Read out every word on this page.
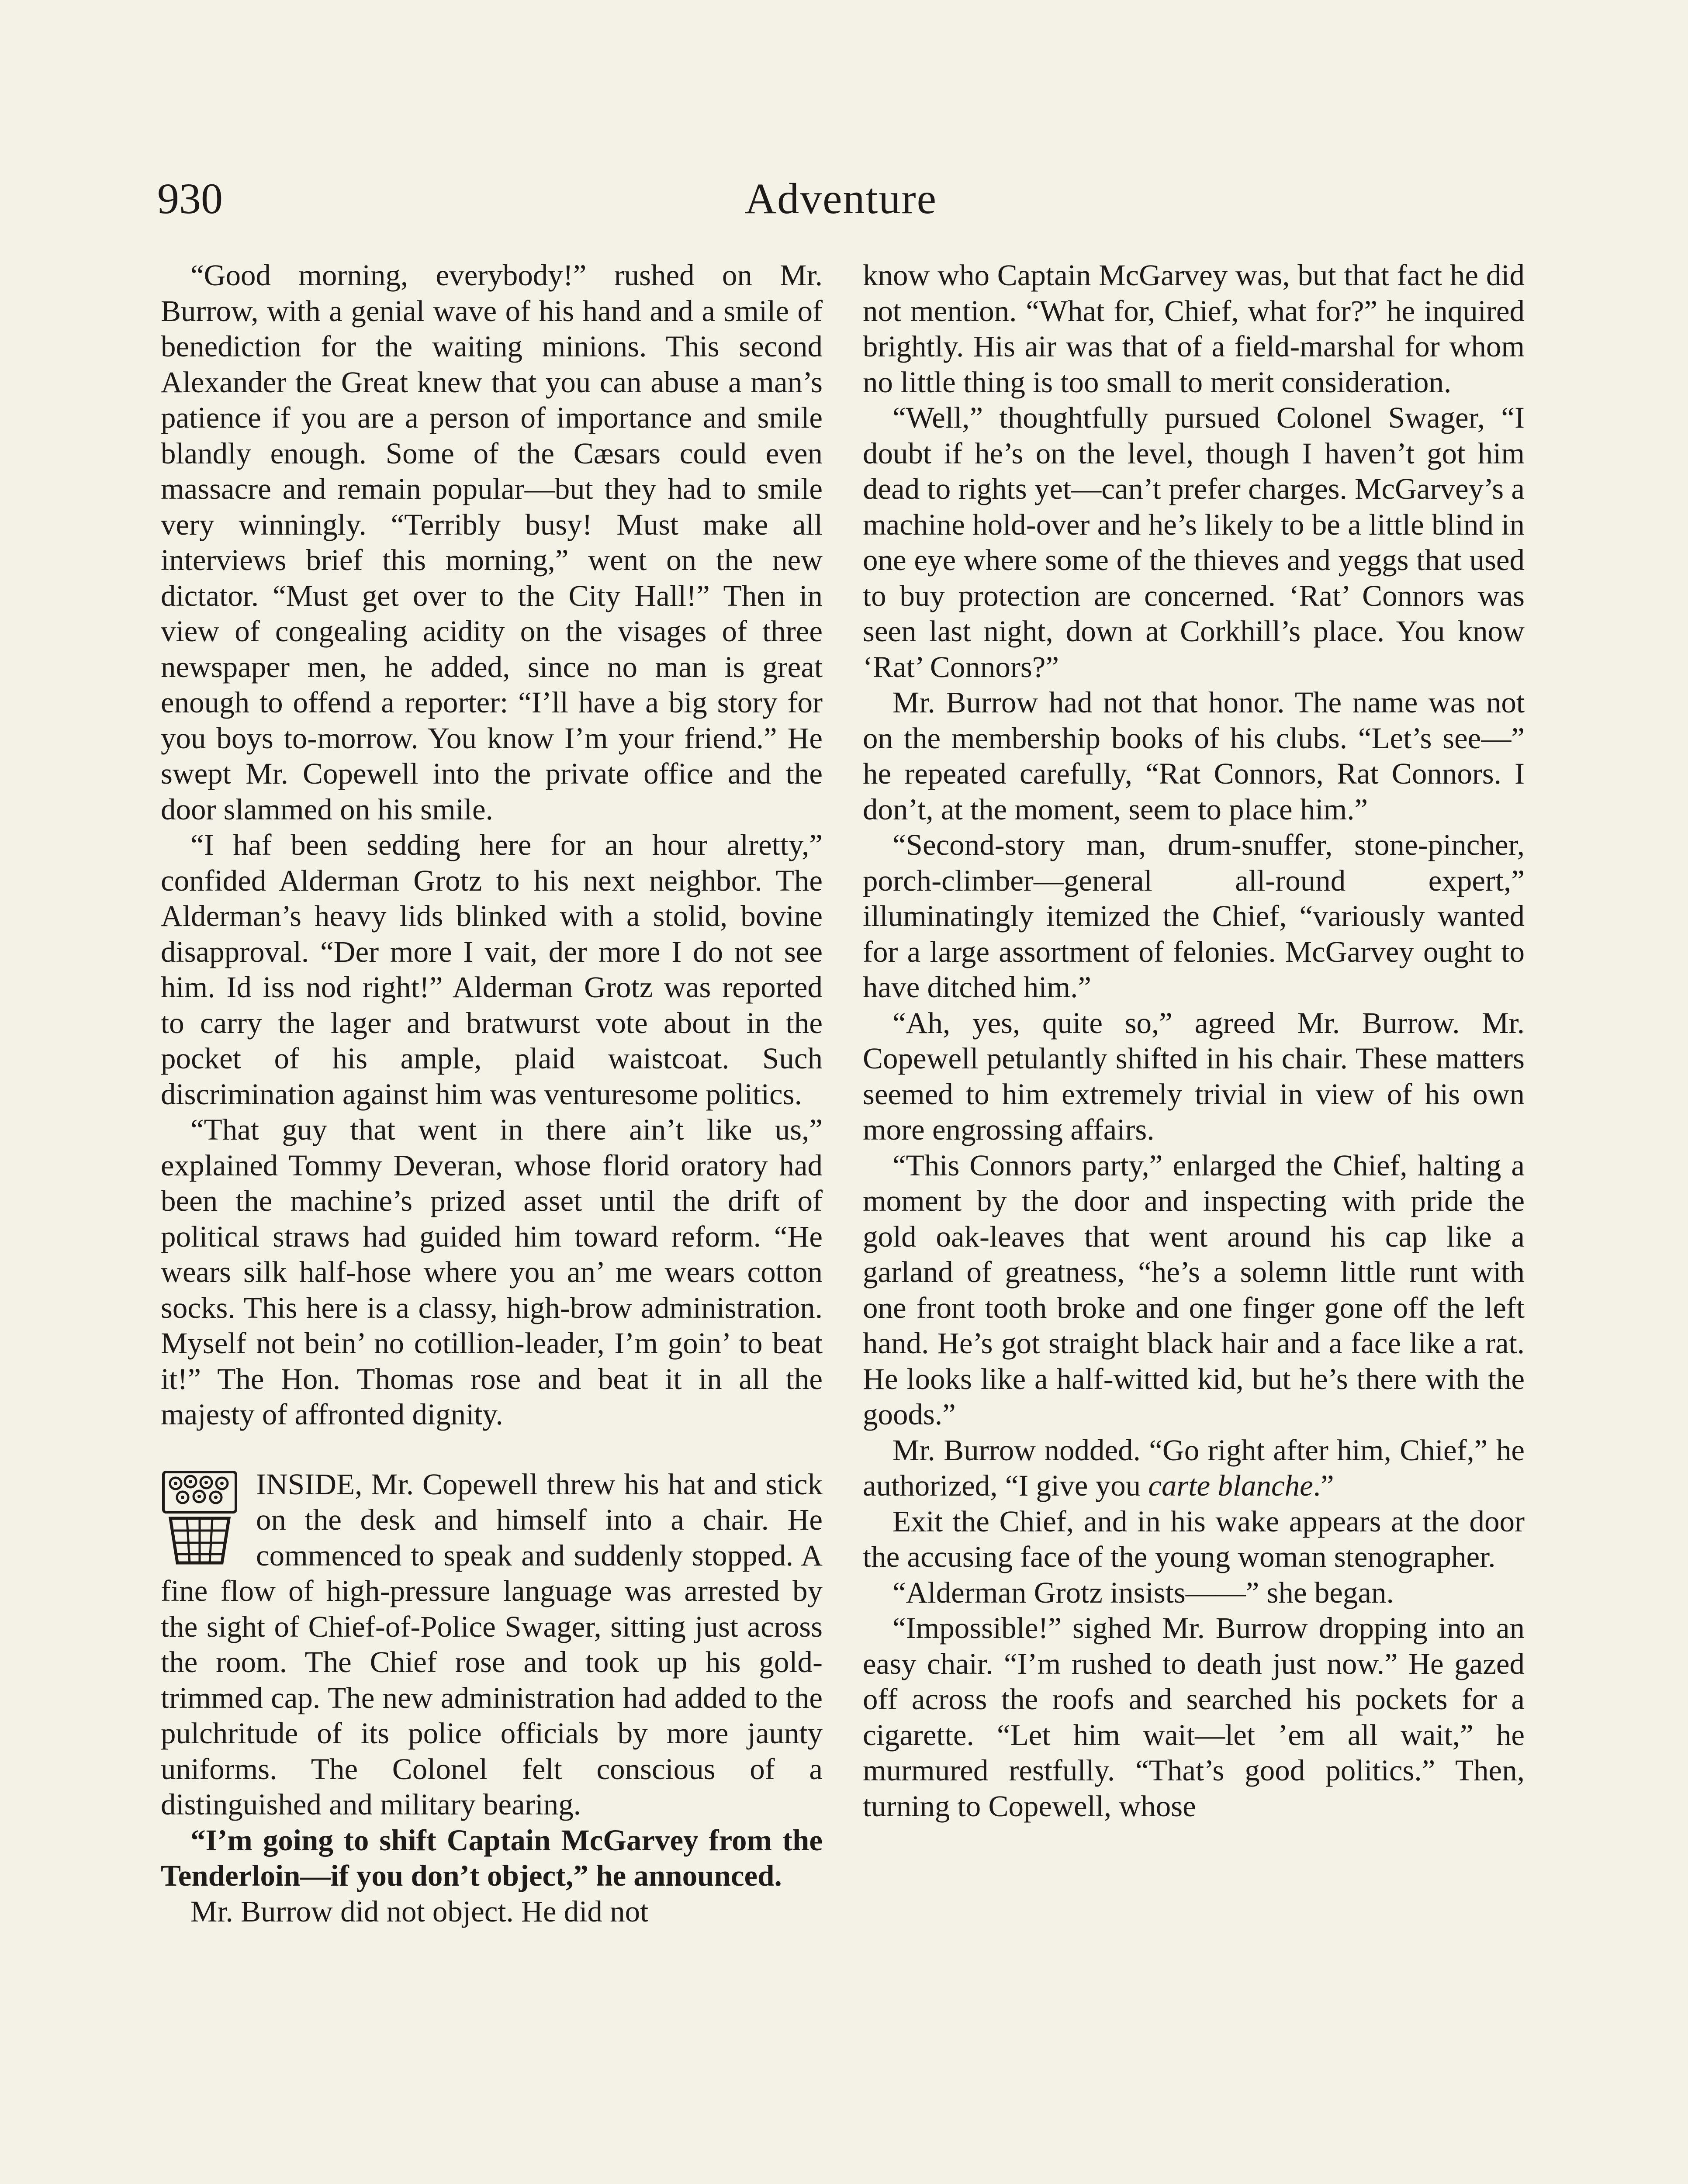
930	Adventure

“Good morning, everybody!” rushed on Mr. Burrow, with a genial wave of his hand and a smile of benediction for the waiting minions. This second Alexander the Great knew that you can abuse a man’s patience if you are a person of importance and smile blandly enough. Some of the Cæsars could even massacre and remain popular—but they had to smile very winningly. “Terribly busy! Must make all interviews brief this morning,” went on the new dictator. “Must get over to the City Hall!” Then in view of congealing acidity on the visages of three newspaper men, he added, since no man is great enough to offend a reporter: “I’ll have a big story for you boys to-morrow. You know I’m your friend.” He swept Mr. Copewell into the private office and the door slammed on his smile.

“I haf been sedding here for an hour alretty,” confided Alderman Grotz to his next neighbor. The Alderman’s heavy lids blinked with a stolid, bovine disapproval. “Der more I vait, der more I do not see him. Id iss nod right!” Alderman Grotz was reported to carry the lager and bratwurst vote about in the pocket of his ample, plaid waistcoat. Such discrimination against him was venturesome politics.

“That guy that went in there ain’t like us,” explained Tommy Deveran, whose florid oratory had been the machine’s prized asset until the drift of political straws had guided him toward reform. “He wears silk half-hose where you an’ me wears cotton socks. This here is a classy, high-brow administration. Myself not bein’ no cotillion-leader, I’m goin’ to beat it!” The Hon. Thomas rose and beat it in all the majesty of affronted dignity.

INSIDE, Mr. Copewell threw his hat and stick on the desk and himself into a chair. He commenced to speak and suddenly stopped. A fine flow of high-pressure language was arrested by the sight of Chief-of-Police Swager, sitting just across the room. The Chief rose and took up his gold-trimmed cap. The new administration had added to the pulchritude of its police officials by more jaunty uniforms. The Colonel felt conscious of a distinguished and military bearing.

“I’m going to shift Captain McGarvey from the Tenderloin—if you don’t object,” he announced.

Mr. Burrow did not object. He did not

know who Captain McGarvey was, but that fact he did not mention. “What for, Chief, what for?” he inquired brightly. His air was that of a field-marshal for whom no little thing is too small to merit consideration.

“Well,” thoughtfully pursued Colonel Swager, “I doubt if he’s on the level, though I haven’t got him dead to rights yet—can’t prefer charges. McGarvey’s a machine hold-over and he’s likely to be a little blind in one eye where some of the thieves and yeggs that used to buy protection are concerned. ‘Rat’ Connors was seen last night, down at Corkhill’s place. You know ‘Rat’ Connors?”

Mr. Burrow had not that honor. The name was not on the membership books of his clubs. “Let’s see—” he repeated carefully, “Rat Connors, Rat Connors. I don’t, at the moment, seem to place him.”

“Second-story man, drum-snuffer, stone-pincher, porch-climber—general all-round expert,” illuminatingly itemized the Chief, “variously wanted for a large assortment of felonies. McGarvey ought to have ditched him.”

“Ah, yes, quite so,” agreed Mr. Burrow. Mr. Copewell petulantly shifted in his chair. These matters seemed to him extremely trivial in view of his own more engrossing affairs.

“This Connors party,” enlarged the Chief, halting a moment by the door and inspecting with pride the gold oak-leaves that went around his cap like a garland of greatness, “he’s a solemn little runt with one front tooth broke and one finger gone off the left hand. He’s got straight black hair and a face like a rat. He looks like a half-witted kid, but he’s there with the goods.”

Mr. Burrow nodded. “Go right after him, Chief,” he authorized, “I give you carte blanche.”

Exit the Chief, and in his wake appears at the door the accusing face of the young woman stenographer.

“Alderman Grotz insists——” she began.

“Impossible!” sighed Mr. Burrow dropping into an easy chair. “I’m rushed to death just now.” He gazed off across the roofs and searched his pockets for a cigarette. “Let him wait—let ’em all wait,” he murmured restfully. “That’s good politics.” Then, turning to Copewell, whose
